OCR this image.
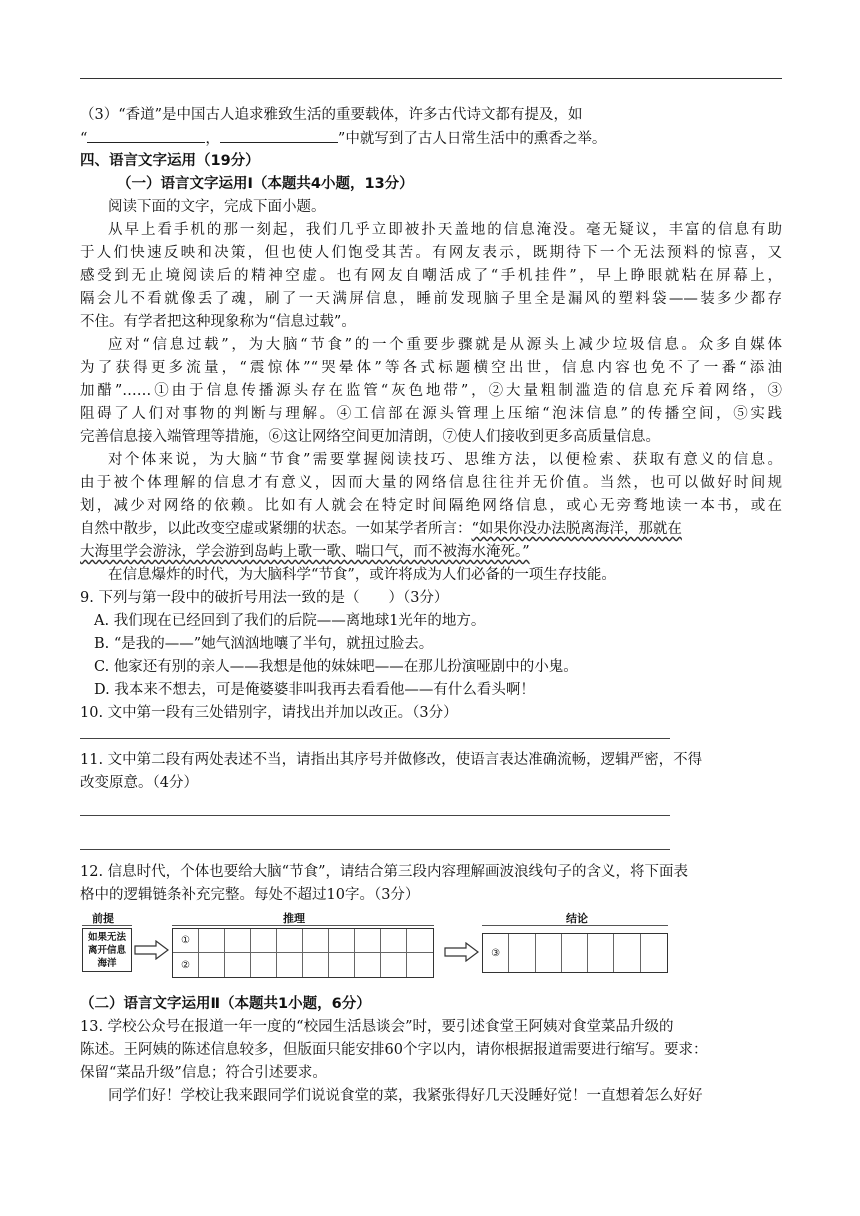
（3）“香道”是中国古人追求雅致生活的重要载体，许多古代诗文都有提及，如
“	，	”中就写到了古人日常生活中的熏香之举。
四、语言文字运用（19分）
（一）语言文字运用Ⅰ（本题共4小题，13分）
阅读下面的文字，完成下面小题。
从早上看手机的那一刻起，我们几乎立即被扑天盖地的信息淹没。毫无疑议，丰富的信息有助
于人们快速反映和决策，但也使人们饱受其苦。有网友表示，既期待下一个无法预料的惊喜，又
感受到无止境阅读后的精神空虚。也有网友自嘲活成了“手机挂件”，早上睁眼就粘在屏幕上，
隔会儿不看就像丢了魂，刷了一天满屏信息，睡前发现脑子里全是漏风的塑料袋——装多少都存
不住。有学者把这种现象称为“信息过载”。
应对“信息过载”，为大脑“节食”的一个重要步骤就是从源头上减少垃圾信息。众多自媒体
为了获得更多流量，“震惊体”“哭晕体”等各式标题横空出世，信息内容也免不了一番“添油
加醋”……①由于信息传播源头存在监管“灰色地带”，②大量粗制滥造的信息充斥着网络，③
阻碍了人们对事物的判断与理解。④工信部在源头管理上压缩“泡沫信息”的传播空间，⑤实践
完善信息接入端管理等措施，⑥这让网络空间更加清朗，⑦使人们接收到更多高质量信息。
对个体来说，为大脑“节食”需要掌握阅读技巧、思维方法，以便检索、获取有意义的信息。
由于被个体理解的信息才有意义，因而大量的网络信息往往并无价值。当然，也可以做好时间规
划，减少对网络的依赖。比如有人就会在特定时间隔绝网络信息，或心无旁骛地读一本书，或在
自然中散步，以此改变空虚或紧绷的状态。一如某学者所言：“如果你没办法脱离海洋，那就在
大海里学会游泳，学会游到岛屿上歌一歌、喘口气，而不被海水淹死。”
在信息爆炸的时代，为大脑科学“节食”，或许将成为人们必备的一项生存技能。
9. 下列与第一段中的破折号用法一致的是（　　）（3分）
A. 我们现在已经回到了我们的后院——离地球1光年的地方。
B. “是我的——”她气汹汹地嚷了半句，就扭过脸去。
C. 他家还有别的亲人——我想是他的妹妹吧——在那儿扮演哑剧中的小鬼。
D. 我本来不想去，可是俺婆婆非叫我再去看看他——有什么看头啊！
10. 文中第一段有三处错别字，请找出并加以改正。（3分）
11. 文中第二段有两处表述不当，请指出其序号并做修改，使语言表达准确流畅，逻辑严密，不得
改变原意。（4分）
12. 信息时代，个体也要给大脑“节食”，请结合第三段内容理解画波浪线句子的含义，将下面表
格中的逻辑链条补充完整。每处不超过10字。（3分）
前提	推理	结论
如果无法
离开信息
海洋
①
②
③
（二）语言文字运用Ⅱ（本题共1小题，6分）
13. 学校公众号在报道一年一度的“校园生活恳谈会”时，要引述食堂王阿姨对食堂菜品升级的
陈述。王阿姨的陈述信息较多，但版面只能安排60个字以内，请你根据报道需要进行缩写。要求：
保留“菜品升级”信息；符合引述要求。
同学们好！学校让我来跟同学们说说食堂的菜，我紧张得好几天没睡好觉！一直想着怎么好好
